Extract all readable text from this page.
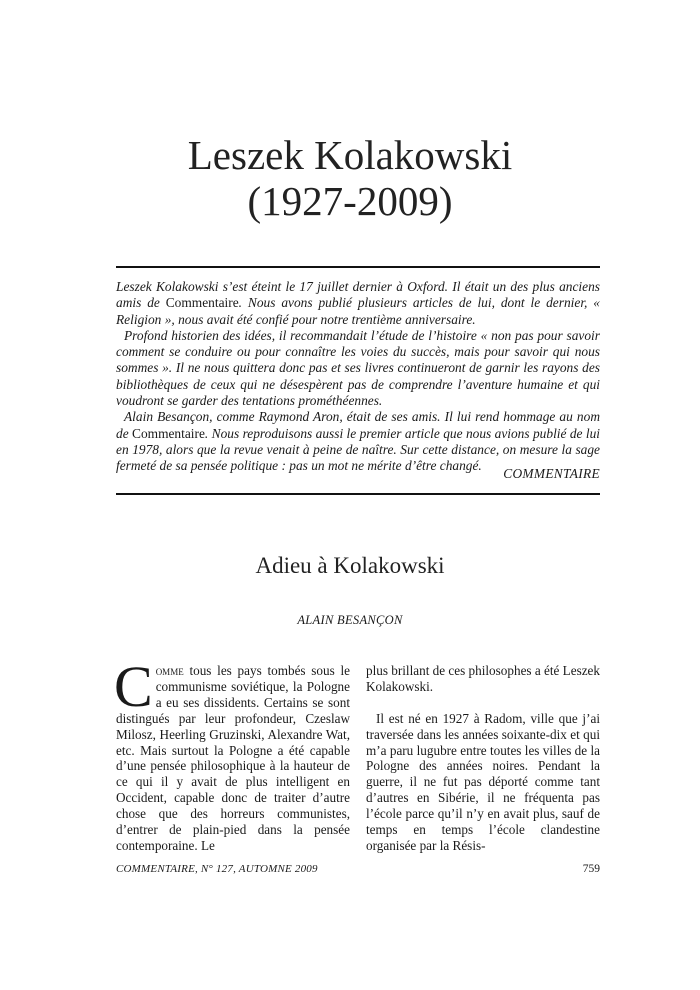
Leszek Kolakowski
(1927-2009)

Leszek Kolakowski s’est éteint le 17 juillet dernier à Oxford. Il était un des plus anciens amis de Commentaire. Nous avons publié plusieurs articles de lui, dont le dernier, « Religion », nous avait été confié pour notre trentième anniversaire.

Profond historien des idées, il recommandait l’étude de l’histoire « non pas pour savoir comment se conduire ou pour connaître les voies du succès, mais pour savoir qui nous sommes ». Il ne nous quittera donc pas et ses livres continueront de garnir les rayons des bibliothèques de ceux qui ne désespèrent pas de comprendre l’aventure humaine et qui voudront se garder des tentations prométhéennes.

Alain Besançon, comme Raymond Aron, était de ses amis. Il lui rend hommage au nom de Commentaire. Nous reproduisons aussi le premier article que nous avions publié de lui en 1978, alors que la revue venait à peine de naître. Sur cette distance, on mesure la sage fermeté de sa pensée politique : pas un mot ne mérite d’être changé.

COMMENTAIRE
Adieu à Kolakowski
ALAIN BESANÇON

Comme tous les pays tombés sous le communisme soviétique, la Pologne a eu ses dissidents. Certains se sont distingués par leur profondeur, Czeslaw Milosz, Heerling Gruzinski, Alexandre Wat, etc. Mais surtout la Pologne a été capable d’une pensée philosophique à la hauteur de ce qui il y avait de plus intelligent en Occident, capable donc de traiter d’autre chose que des horreurs communistes, d’entrer de plain-pied dans la pensée contemporaine. Le

plus brillant de ces philosophes a été Leszek Kolakowski.

Il est né en 1927 à Radom, ville que j’ai traversée dans les années soixante-dix et qui m’a paru lugubre entre toutes les villes de la Pologne des années noires. Pendant la guerre, il ne fut pas déporté comme tant d’autres en Sibérie, il ne fréquenta pas l’école parce qu’il n’y en avait plus, sauf de temps en temps l’école clandestine organisée par la Résis-

COMMENTAIRE, N° 127, AUTOMNE 2009	759
